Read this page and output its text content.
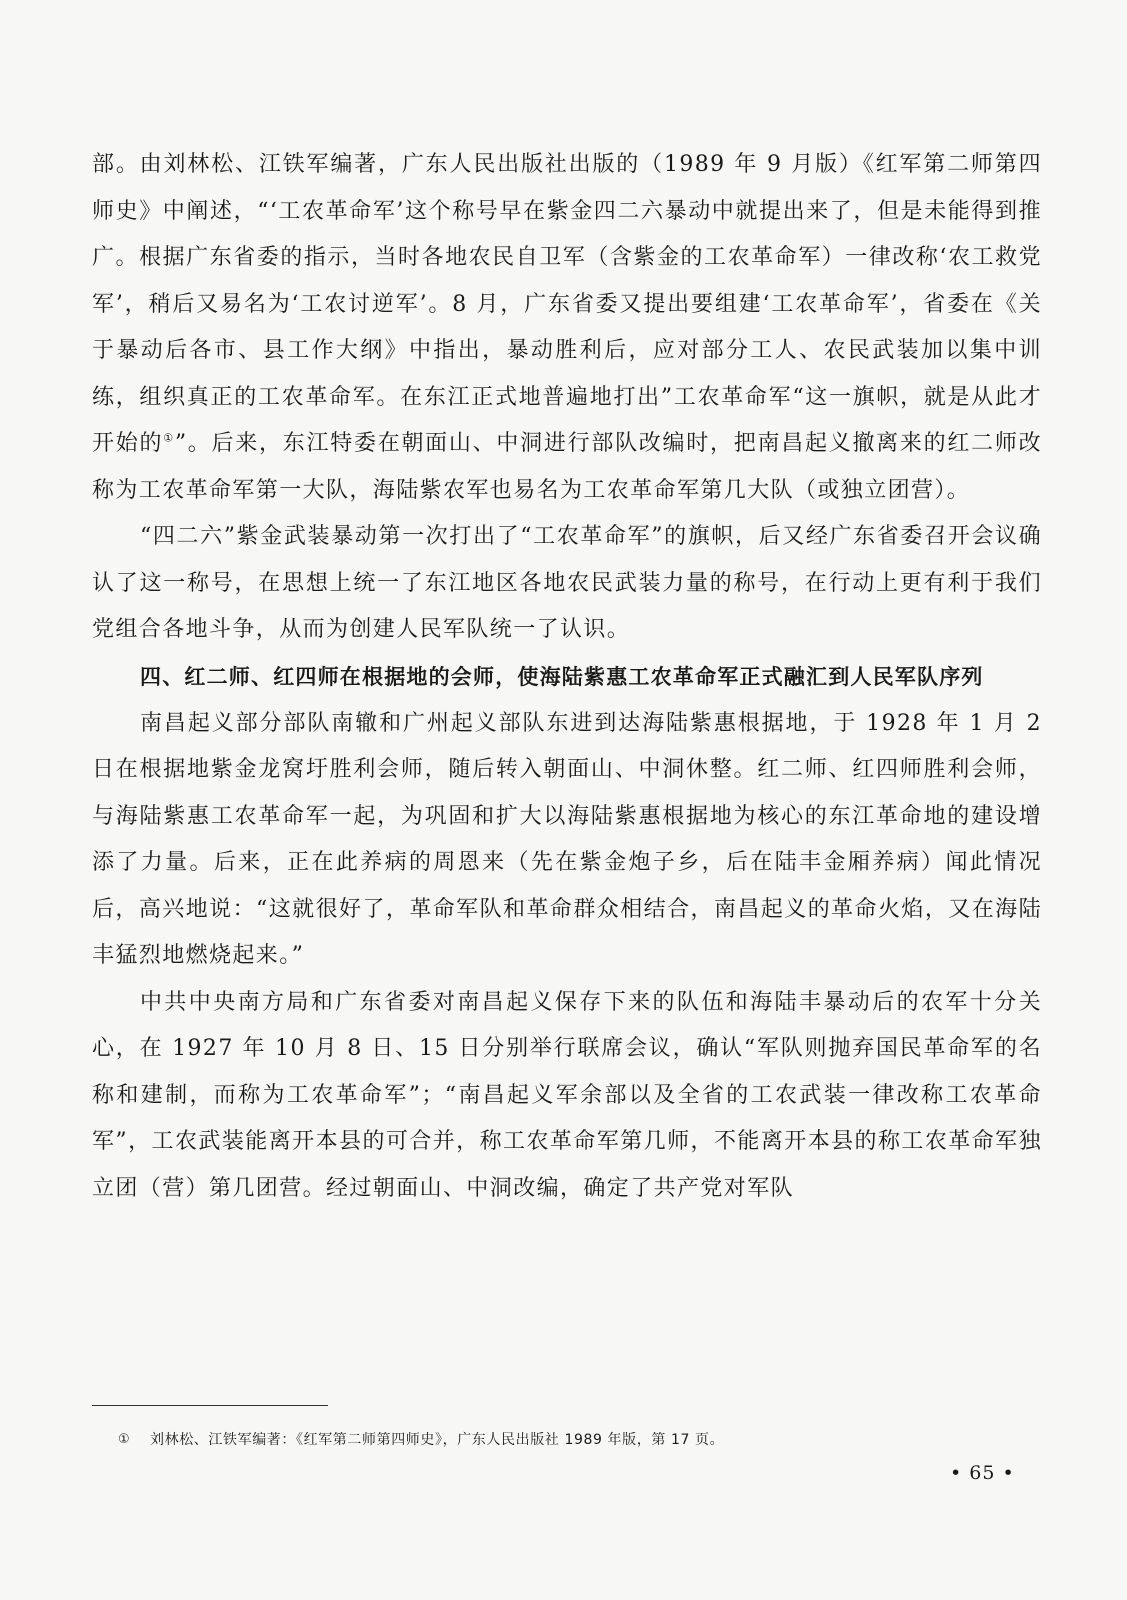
部。由刘林松、江铁军编著，广东人民出版社出版的（1989 年 9 月版）《红军第二师第四师史》中阐述，“‘工农革命军’这个称号早在紫金四二六暴动中就提出来了，但是未能得到推广。根据广东省委的指示，当时各地农民自卫军（含紫金的工农革命军）一律改称‘农工救党军’，稍后又易名为‘工农讨逆军’。8 月，广东省委又提出要组建‘工农革命军’，省委在《关于暴动后各市、县工作大纲》中指出，暴动胜利后，应对部分工人、农民武装加以集中训练，组织真正的工农革命军。在东江正式地普遍地打出”工农革命军“这一旗帜，就是从此才开始的①”。后来，东江特委在朝面山、中洞进行部队改编时，把南昌起义撤离来的红二师改称为工农革命军第一大队，海陆紫农军也易名为工农革命军第几大队（或独立团营）。

“四二六”紫金武装暴动第一次打出了“工农革命军”的旗帜，后又经广东省委召开会议确认了这一称号，在思想上统一了东江地区各地农民武装力量的称号，在行动上更有利于我们党组合各地斗争，从而为创建人民军队统一了认识。

四、红二师、红四师在根据地的会师，使海陆紫惠工农革命军正式融汇到人民军队序列

南昌起义部分部队南辙和广州起义部队东进到达海陆紫惠根据地，于 1928 年 1 月 2 日在根据地紫金龙窝圩胜利会师，随后转入朝面山、中洞休整。红二师、红四师胜利会师，与海陆紫惠工农革命军一起，为巩固和扩大以海陆紫惠根据地为核心的东江革命地的建设增添了力量。后来，正在此养病的周恩来（先在紫金炮子乡，后在陆丰金厢养病）闻此情况后，高兴地说：“这就很好了，革命军队和革命群众相结合，南昌起义的革命火焰，又在海陆丰猛烈地燃烧起来。”

中共中央南方局和广东省委对南昌起义保存下来的队伍和海陆丰暴动后的农军十分关心，在 1927 年 10 月 8 日、15 日分别举行联席会议，确认“军队则抛弃国民革命军的名称和建制，而称为工农革命军”；“南昌起义军余部以及全省的工农武装一律改称工农革命军”，工农武装能离开本县的可合并，称工农革命军第几师，不能离开本县的称工农革命军独立团（营）第几团营。经过朝面山、中洞改编，确定了共产党对军队

① 刘林松、江铁军编著：《红军第二师第四师史》，广东人民出版社 1989 年版，第 17 页。
• 65 •
